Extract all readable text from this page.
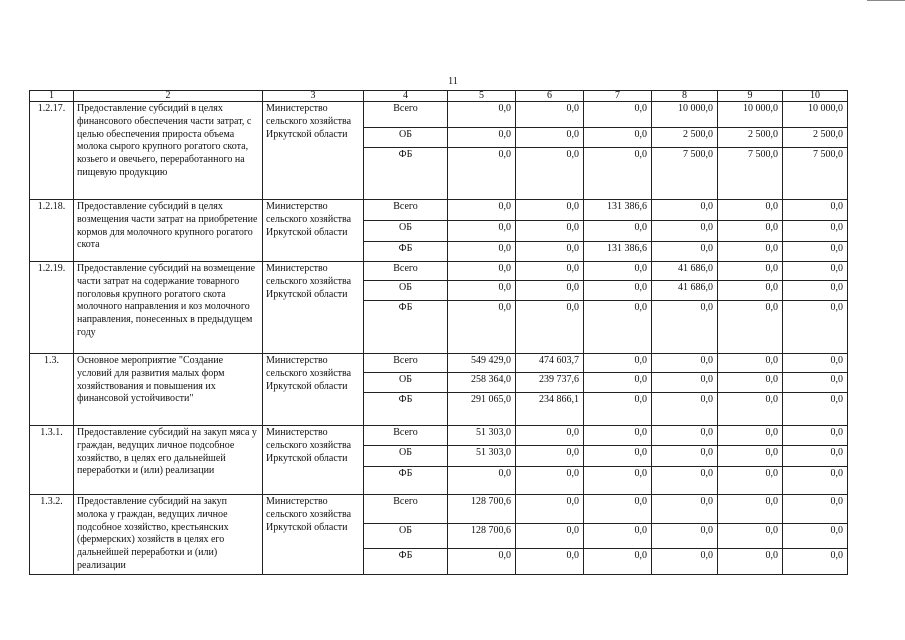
11
1	2	3	4	5	6	7	8	9	10
1.2.17.	Предоставление субсидий в целях финансового обеспечения части затрат, с целью обеспечения прироста объема молока сырого крупного рогатого скота, козьего и овечьего, переработанного на пищевую продукцию	Министерство сельского хозяйства Иркутской области	Всего	0,0	0,0	0,0	10 000,0	10 000,0	10 000,0
			ОБ	0,0	0,0	0,0	2 500,0	2 500,0	2 500,0
			ФБ	0,0	0,0	0,0	7 500,0	7 500,0	7 500,0
1.2.18.	Предоставление субсидий в целях возмещения части затрат на приобретение кормов для молочного крупного рогатого скота	Министерство сельского хозяйства Иркутской области	Всего	0,0	0,0	131 386,6	0,0	0,0	0,0
			ОБ	0,0	0,0	0,0	0,0	0,0	0,0
			ФБ	0,0	0,0	131 386,6	0,0	0,0	0,0
1.2.19.	Предоставление субсидий на возмещение части затрат на содержание товарного поголовья крупного рогатого скота молочного направления и коз молочного направления, понесенных в предыдущем году	Министерство сельского хозяйства Иркутской области	Всего	0,0	0,0	0,0	41 686,0	0,0	0,0
			ОБ	0,0	0,0	0,0	41 686,0	0,0	0,0
			ФБ	0,0	0,0	0,0	0,0	0,0	0,0
1.3.	Основное мероприятие "Создание условий для развития малых форм хозяйствования и повышения их финансовой устойчивости"	Министерство сельского хозяйства Иркутской области	Всего	549 429,0	474 603,7	0,0	0,0	0,0	0,0
			ОБ	258 364,0	239 737,6	0,0	0,0	0,0	0,0
			ФБ	291 065,0	234 866,1	0,0	0,0	0,0	0,0
1.3.1.	Предоставление субсидий на закуп мяса у граждан, ведущих личное подсобное хозяйство, в целях его дальнейшей переработки и (или) реализации	Министерство сельского хозяйства Иркутской области	Всего	51 303,0	0,0	0,0	0,0	0,0	0,0
			ОБ	51 303,0	0,0	0,0	0,0	0,0	0,0
			ФБ	0,0	0,0	0,0	0,0	0,0	0,0
1.3.2.	Предоставление субсидий на закуп молока у граждан, ведущих личное подсобное хозяйство, крестьянских (фермерских) хозяйств в целях его дальнейшей переработки и (или) реализации	Министерство сельского хозяйства Иркутской области	Всего	128 700,6	0,0	0,0	0,0	0,0	0,0
			ОБ	128 700,6	0,0	0,0	0,0	0,0	0,0
			ФБ	0,0	0,0	0,0	0,0	0,0	0,0
